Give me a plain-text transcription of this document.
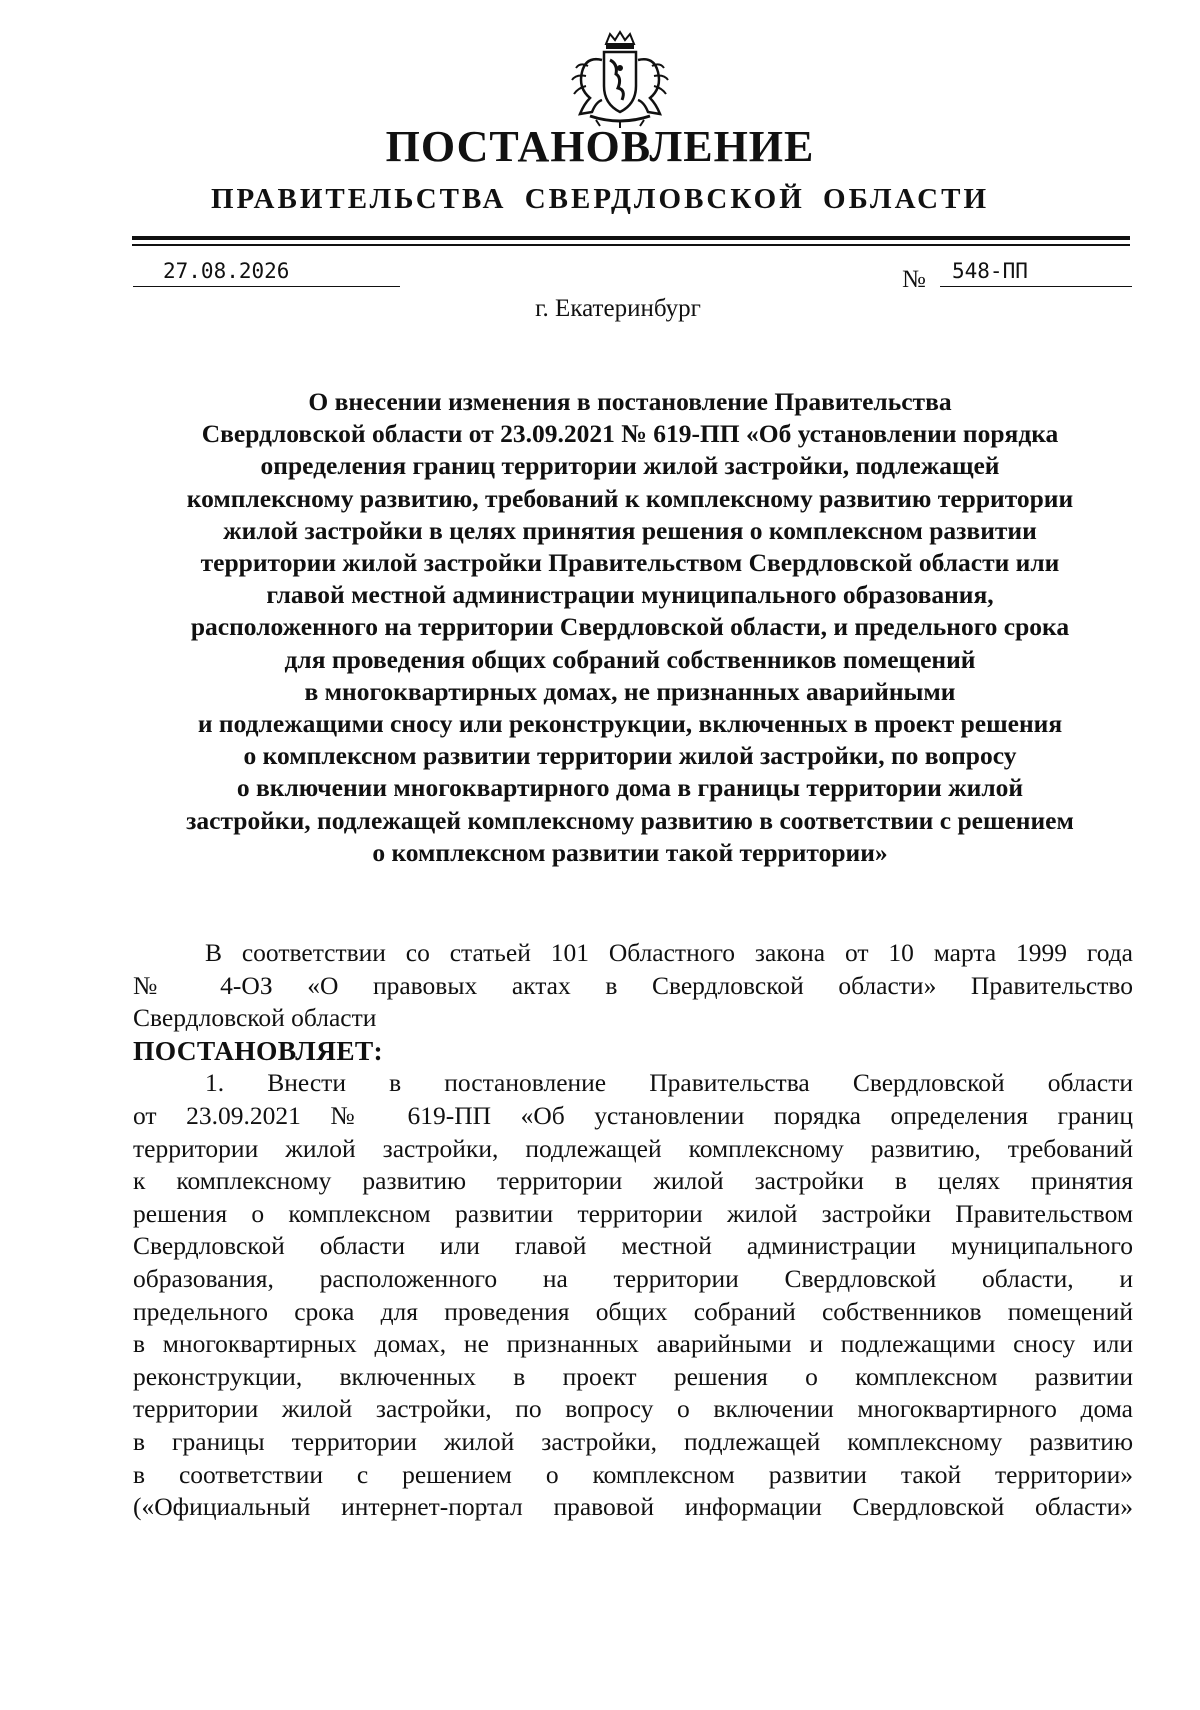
ПОСТАНОВЛЕНИЕ
ПРАВИТЕЛЬСТВА СВЕРДЛОВСКОЙ ОБЛАСТИ
27.08.2026	№ 548-ПП
г. Екатеринбург
О внесении изменения в постановление Правительства
Свердловской области от 23.09.2021 № 619-ПП «Об установлении порядка
определения границ территории жилой застройки, подлежащей
комплексному развитию, требований к комплексному развитию территории
жилой застройки в целях принятия решения о комплексном развитии
территории жилой застройки Правительством Свердловской области или
главой местной администрации муниципального образования,
расположенного на территории Свердловской области, и предельного срока
для проведения общих собраний собственников помещений
в многоквартирных домах, не признанных аварийными
и подлежащими сносу или реконструкции, включенных в проект решения
о комплексном развитии территории жилой застройки, по вопросу
о включении многоквартирного дома в границы территории жилой
застройки, подлежащей комплексному развитию в соответствии с решением
о комплексном развитии такой территории»
В соответствии со статьей 101 Областного закона от 10 марта 1999 года
№ 4-ОЗ «О правовых актах в Свердловской области» Правительство
Свердловской области
ПОСТАНОВЛЯЕТ:
1. Внести в постановление Правительства Свердловской области
от 23.09.2021 № 619-ПП «Об установлении порядка определения границ
территории жилой застройки, подлежащей комплексному развитию, требований
к комплексному развитию территории жилой застройки в целях принятия
решения о комплексном развитии территории жилой застройки Правительством
Свердловской области или главой местной администрации муниципального
образования, расположенного на территории Свердловской области, и
предельного срока для проведения общих собраний собственников помещений
в многоквартирных домах, не признанных аварийными и подлежащими сносу или
реконструкции, включенных в проект решения о комплексном развитии
территории жилой застройки, по вопросу о включении многоквартирного дома
в границы территории жилой застройки, подлежащей комплексному развитию
в соответствии с решением о комплексном развитии такой территории»
(«Официальный интернет-портал правовой информации Свердловской области»
